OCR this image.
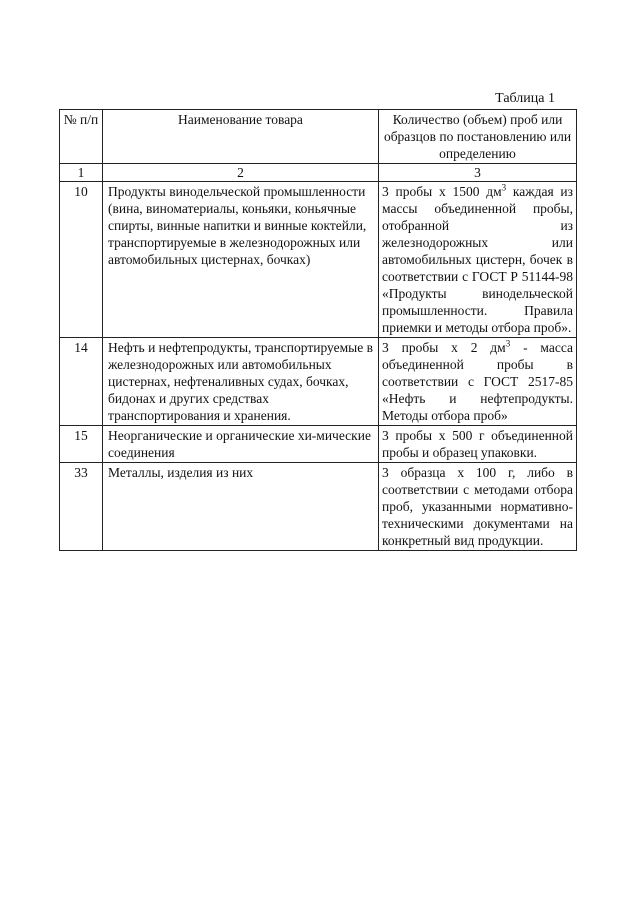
Таблица 1
№ п/п	Наименование товара	Количество (объем) проб или образцов по постановлению или определению
1	2	3
10	Продукты винодельческой промышленности (вина, виноматериалы, коньяки, коньячные спирты, винные напитки и винные коктейли, транспортируемые в железнодорожных или автомобильных цистернах, бочках)	3 пробы х 1500 $дм^3$ каждая из массы объединенной пробы, отобранной из железнодорожных или автомобильных цистерн, бочек в соответствии с ГОСТ Р 51144-98 «Продукты винодельческой промышленности. Правила приемки и методы отбора проб».
14	Нефть и нефтепродукты, транспортируемые в железнодорожных или автомобильных цистернах, нефтеналивных судах, бочках, бидонах и других средствах транспортирования и хранения.	3 пробы х 2 $дм^3$ - масса объединенной пробы в соответствии с ГОСТ 2517-85 «Нефть и нефтепродукты. Методы отбора проб»
15	Неорганические и органические хи-мические соединения	3 пробы х 500 г объединенной пробы и образец упаковки.
33	Металлы, изделия из них	3 образца х 100 г, либо в соответствии с методами отбора проб, указанными нормативно-техническими документами на конкретный вид продукции.
